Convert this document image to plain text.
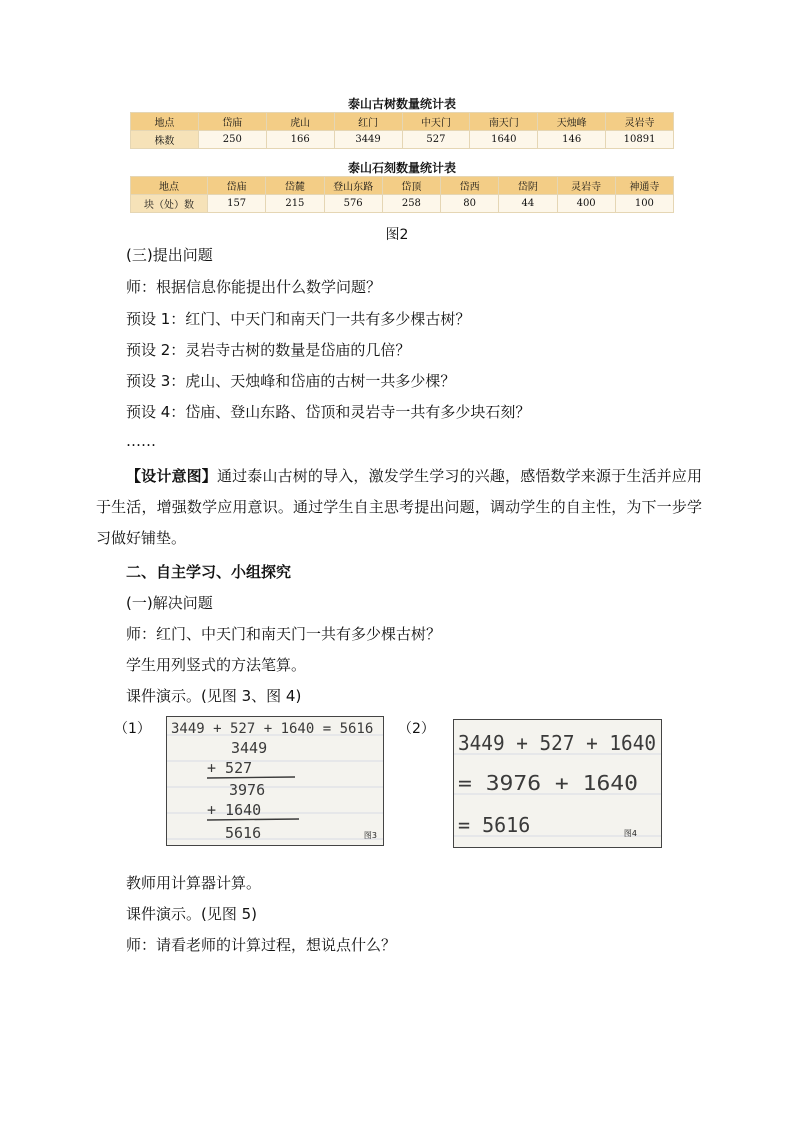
泰山古树数量统计表
地点	岱庙	虎山	红门	中天门	南天门	天烛峰	灵岩寺
株数	250	166	3449	527	1640	146	10891
泰山石刻数量统计表
地点	岱庙	岱麓	登山东路	岱顶	岱西	岱阴	灵岩寺	神通寺
块（处）数	157	215	576	258	80	44	400	100
图2
(三)提出问题
师：根据信息你能提出什么数学问题？
预设 1：红门、中天门和南天门一共有多少棵古树？
预设 2：灵岩寺古树的数量是岱庙的几倍？
预设 3：虎山、天烛峰和岱庙的古树一共多少棵？
预设 4：岱庙、登山东路、岱顶和灵岩寺一共有多少块石刻？
……
【设计意图】通过泰山古树的导入，激发学生学习的兴趣，感悟数学来源于生活并应用于生活，增强数学应用意识。通过学生自主思考提出问题，调动学生的自主性，为下一步学习做好铺垫。
二、自主学习、小组探究
(一)解决问题
师：红门、中天门和南天门一共有多少棵古树？
学生用列竖式的方法笔算。
课件演示。(见图 3、图 4)
（1）	（2）
3449 + 527 + 1640 = 5616
3449
+ 527
3976
+ 1640
5616	图3
3449 + 527 + 1640
= 3976 + 1640
= 5616	图4
教师用计算器计算。
课件演示。(见图 5)
师：请看老师的计算过程，想说点什么？
